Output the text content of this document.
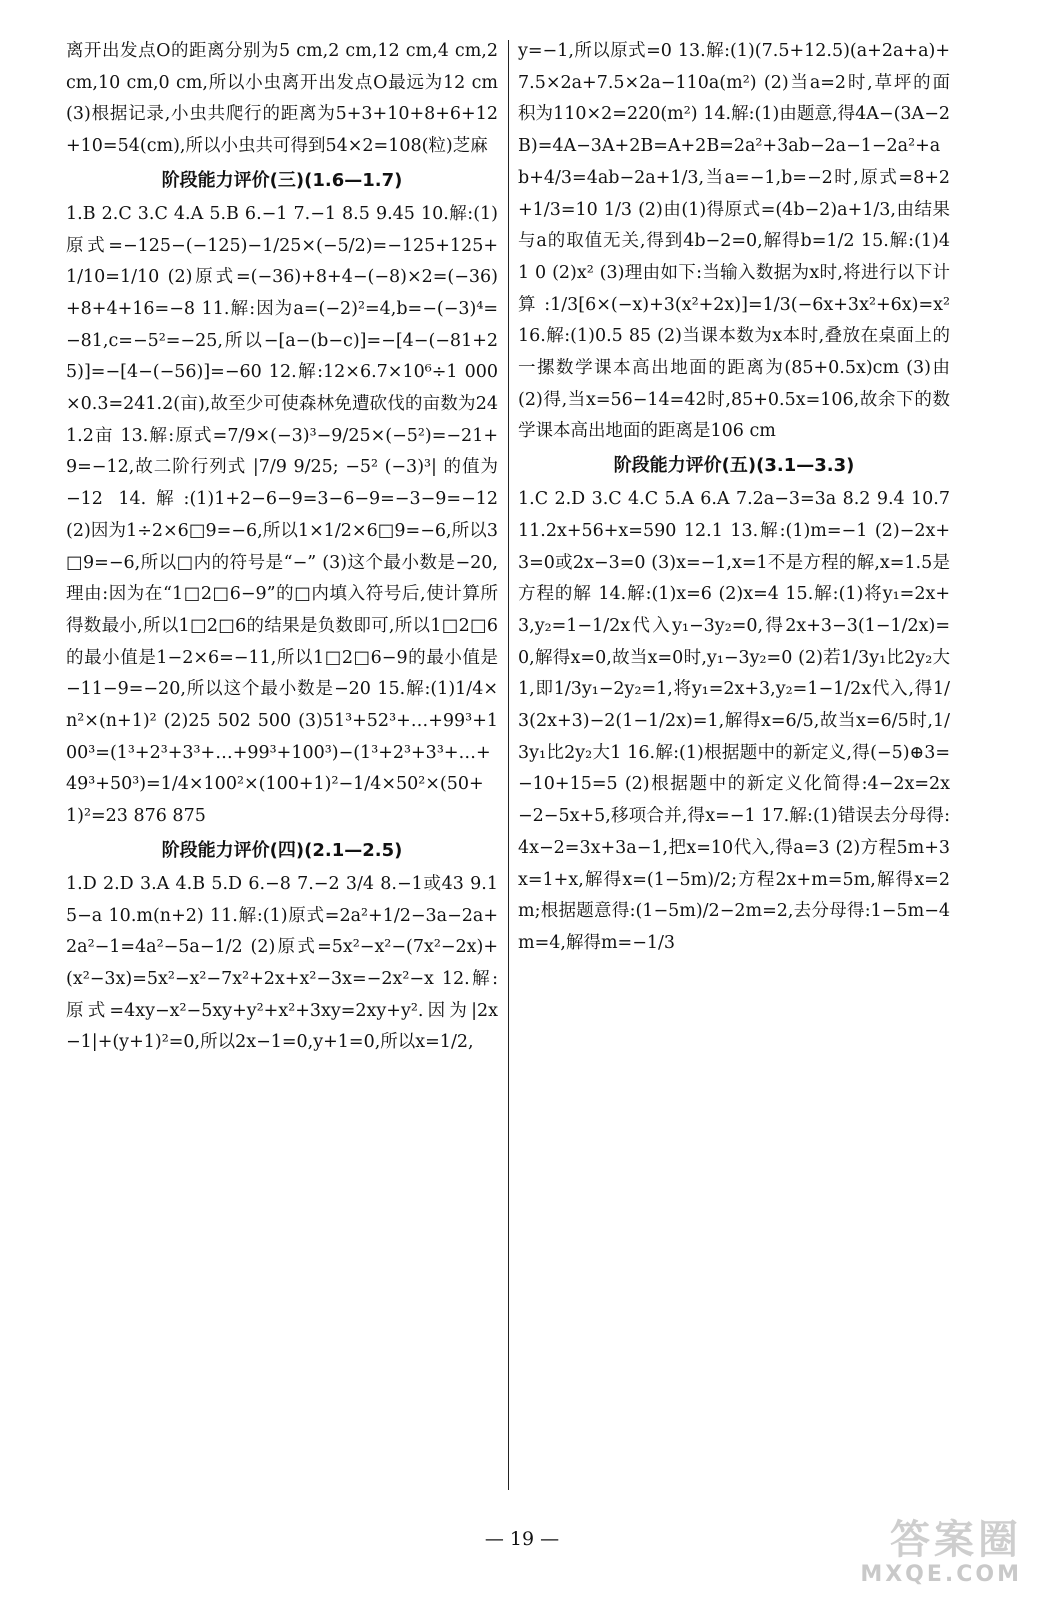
离开出发点O的距离分别为5 cm,2 cm,12 cm,4 cm,2 cm,10 cm,0 cm,所以小虫离开出发点O最远为12 cm (3)根据记录,小虫共爬行的距离为5+3+10+8+6+12+10=54(cm),所以小虫共可得到54×2=108(粒)芝麻

阶段能力评价(三)(1.6—1.7)

1.B 2.C 3.C 4.A 5.B 6.−1 7.−1 8.5 9.45 10.解:(1)原式=−125−(−125)−1/25×(−5/2)=−125+125+1/10=1/10 (2)原式=(−36)+8+4−(−8)×2=(−36)+8+4+16=−8 11.解:因为a=(−2)²=4,b=−(−3)⁴=−81,c=−5²=−25,所以−[a−(b−c)]=−[4−(−81+25)]=−[4−(−56)]=−60 12.解:12×6.7×10⁶÷1 000×0.3=241.2(亩),故至少可使森林免遭砍伐的亩数为241.2亩 13.解:原式=7/9×(−3)³−9/25×(−5²)=−21+9=−12,故二阶行列式 |7/9 9/25; −5² (−3)³| 的值为−12 14.解:(1)1+2−6−9=3−6−9=−3−9=−12 (2)因为1÷2×6□9=−6,所以1×1/2×6□9=−6,所以3□9=−6,所以□内的符号是“−” (3)这个最小数是−20,理由:因为在“1□2□6−9”的□内填入符号后,使计算所得数最小,所以1□2□6的结果是负数即可,所以1□2□6的最小值是1−2×6=−11,所以1□2□6−9的最小值是−11−9=−20,所以这个最小数是−20 15.解:(1)1/4×n²×(n+1)² (2)25 502 500 (3)51³+52³+…+99³+100³=(1³+2³+3³+…+99³+100³)−(1³+2³+3³+…+49³+50³)=1/4×100²×(100+1)²−1/4×50²×(50+1)²=23 876 875

阶段能力评价(四)(2.1—2.5)

1.D 2.D 3.A 4.B 5.D 6.−8 7.−2 3/4 8.−1或43 9.15−a 10.m(n+2) 11.解:(1)原式=2a²+1/2−3a−2a+2a²−1=4a²−5a−1/2 (2)原式=5x²−x²−(7x²−2x)+(x²−3x)=5x²−x²−7x²+2x+x²−3x=−2x²−x 12.解:原式=4xy−x²−5xy+y²+x²+3xy=2xy+y².因为|2x−1|+(y+1)²=0,所以2x−1=0,y+1=0,所以x=1/2,

y=−1,所以原式=0 13.解:(1)(7.5+12.5)(a+2a+a)+7.5×2a+7.5×2a−110a(m²) (2)当a=2时,草坪的面积为110×2=220(m²) 14.解:(1)由题意,得4A−(3A−2B)=4A−3A+2B=A+2B=2a²+3ab−2a−1−2a²+ab+4/3=4ab−2a+1/3,当a=−1,b=−2时,原式=8+2+1/3=10 1/3 (2)由(1)得原式=(4b−2)a+1/3,由结果与a的取值无关,得到4b−2=0,解得b=1/2 15.解:(1)4 1 0 (2)x² (3)理由如下:当输入数据为x时,将进行以下计算:1/3[6×(−x)+3(x²+2x)]=1/3(−6x+3x²+6x)=x² 16.解:(1)0.5 85 (2)当课本数为x本时,叠放在桌面上的一摞数学课本高出地面的距离为(85+0.5x)cm (3)由(2)得,当x=56−14=42时,85+0.5x=106,故余下的数学课本高出地面的距离是106 cm

阶段能力评价(五)(3.1—3.3)

1.C 2.D 3.C 4.C 5.A 6.A 7.2a−3=3a 8.2 9.4 10.7 11.2x+56+x=590 12.1 13.解:(1)m=−1 (2)−2x+3=0或2x−3=0 (3)x=−1,x=1不是方程的解,x=1.5是方程的解 14.解:(1)x=6 (2)x=4 15.解:(1)将y₁=2x+3,y₂=1−1/2x代入y₁−3y₂=0,得2x+3−3(1−1/2x)=0,解得x=0,故当x=0时,y₁−3y₂=0 (2)若1/3y₁比2y₂大1,即1/3y₁−2y₂=1,将y₁=2x+3,y₂=1−1/2x代入,得1/3(2x+3)−2(1−1/2x)=1,解得x=6/5,故当x=6/5时,1/3y₁比2y₂大1 16.解:(1)根据题中的新定义,得(−5)⊕3=−10+15=5 (2)根据题中的新定义化简得:4−2x=2x−2−5x+5,移项合并,得x=−1 17.解:(1)错误去分母得:4x−2=3x+3a−1,把x=10代入,得a=3 (2)方程5m+3x=1+x,解得x=(1−5m)/2;方程2x+m=5m,解得x=2m;根据题意得:(1−5m)/2−2m=2,去分母得:1−5m−4m=4,解得m=−1/3

— 19 —	答案圈
MXQE.COM
